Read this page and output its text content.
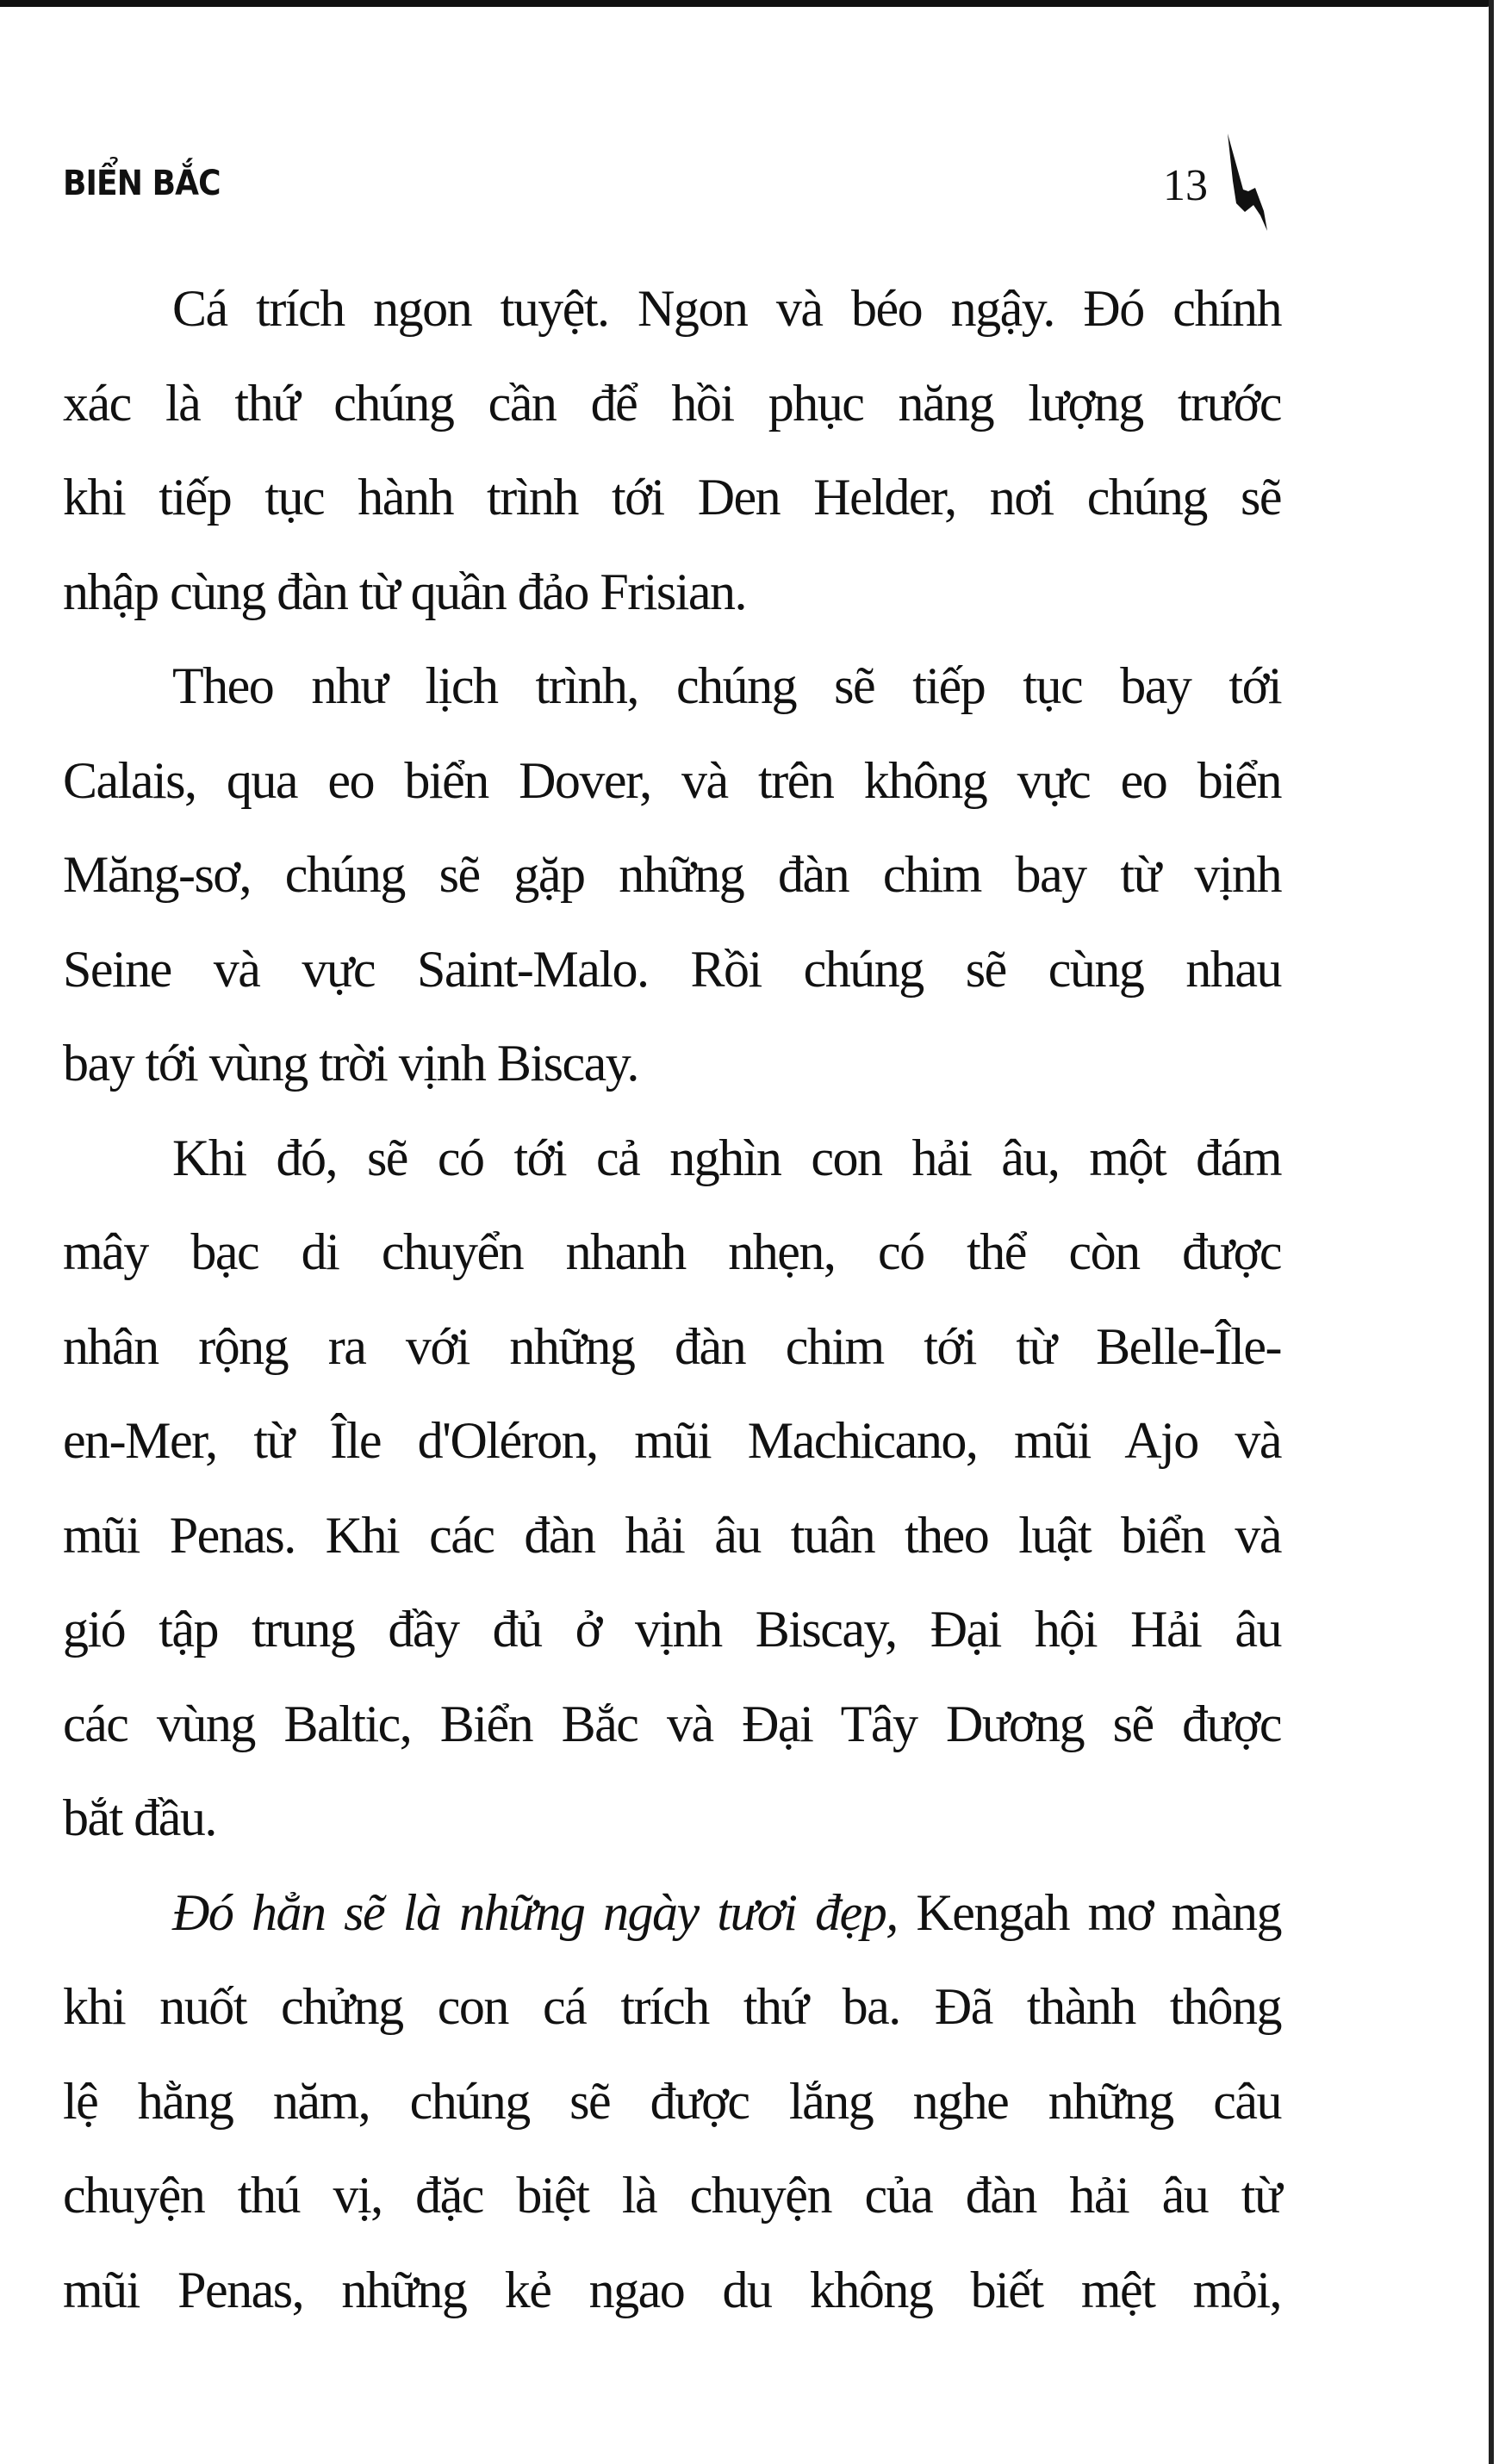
BIỂN BẮC	13
Cá trích ngon tuyệt. Ngon và béo ngậy. Đó chính
xác là thứ chúng cần để hồi phục năng lượng trước
khi tiếp tục hành trình tới Den Helder, nơi chúng sẽ
nhập cùng đàn từ quần đảo Frisian.
Theo như lịch trình, chúng sẽ tiếp tục bay tới
Calais, qua eo biển Dover, và trên không vực eo biển
Măng-sơ, chúng sẽ gặp những đàn chim bay từ vịnh
Seine và vực Saint-Malo. Rồi chúng sẽ cùng nhau
bay tới vùng trời vịnh Biscay.
Khi đó, sẽ có tới cả nghìn con hải âu, một đám
mây bạc di chuyển nhanh nhẹn, có thể còn được
nhân rộng ra với những đàn chim tới từ Belle-Île-
en-Mer, từ Île d'Oléron, mũi Machicano, mũi Ajo và
mũi Penas. Khi các đàn hải âu tuân theo luật biển và
gió tập trung đầy đủ ở vịnh Biscay, Đại hội Hải âu
các vùng Baltic, Biển Bắc và Đại Tây Dương sẽ được
bắt đầu.
Đó hẳn sẽ là những ngày tươi đẹp, Kengah mơ màng
khi nuốt chửng con cá trích thứ ba. Đã thành thông
lệ hằng năm, chúng sẽ được lắng nghe những câu
chuyện thú vị, đặc biệt là chuyện của đàn hải âu từ
mũi Penas, những kẻ ngao du không biết mệt mỏi,
